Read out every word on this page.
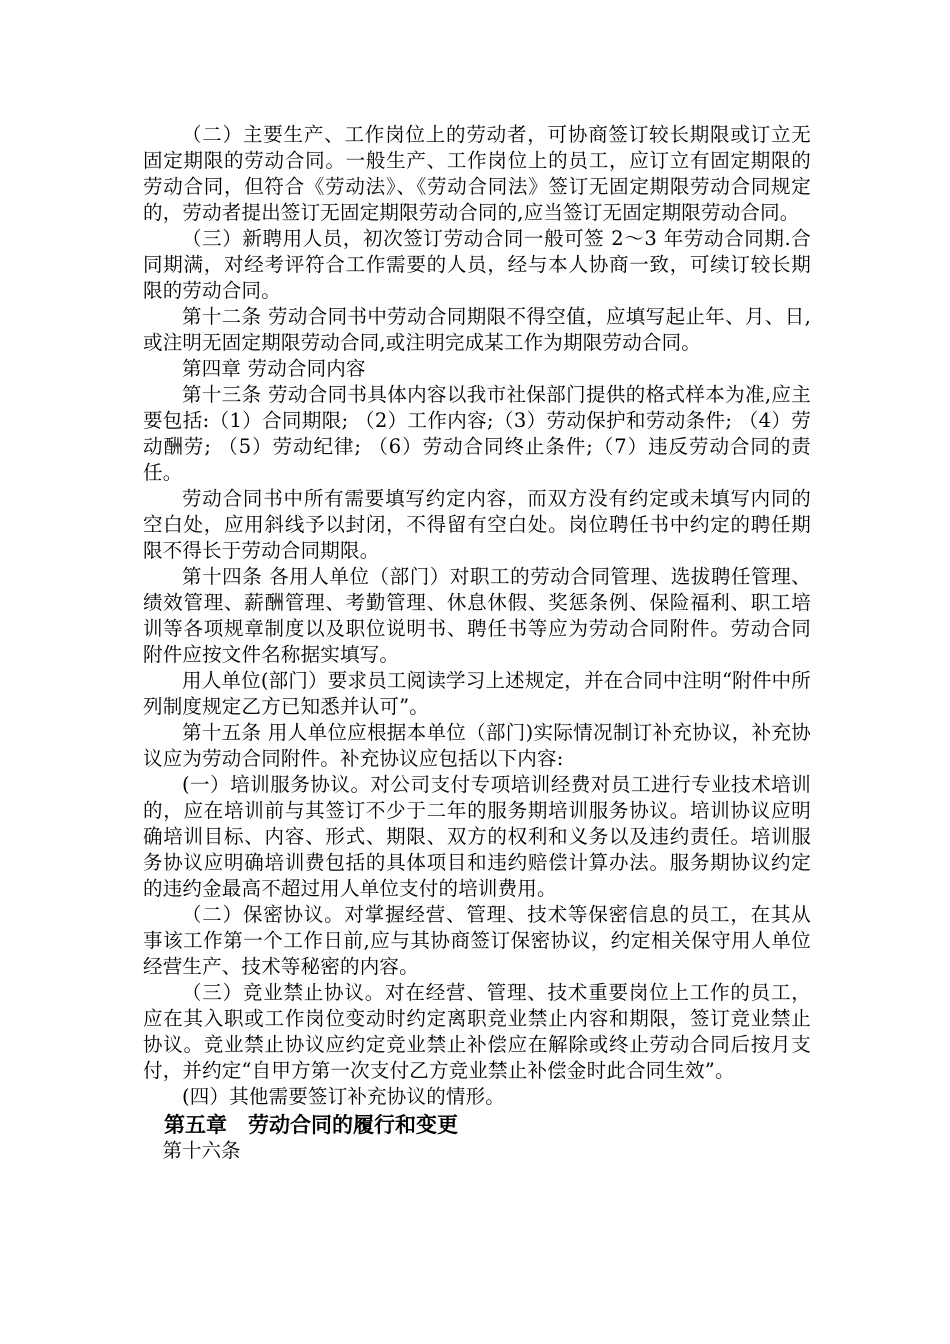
（二）主要生产、工作岗位上的劳动者，可协商签订较长期限或订立无固定期限的劳动合同。一般生产、工作岗位上的员工，应订立有固定期限的劳动合同，但符合《劳动法》、《劳动合同法》签订无固定期限劳动合同规定的，劳动者提出签订无固定期限劳动合同的,应当签订无固定期限劳动合同。

（三）新聘用人员，初次签订劳动合同一般可签 2～3 年劳动合同期.合同期满，对经考评符合工作需要的人员，经与本人协商一致，可续订较长期限的劳动合同。

第十二条 劳动合同书中劳动合同期限不得空值，应填写起止年、月、日,或注明无固定期限劳动合同,或注明完成某工作为期限劳动合同。

第四章 劳动合同内容

第十三条 劳动合同书具体内容以我市社保部门提供的格式样本为准,应主要包括:（1）合同期限; （2）工作内容;（3）劳动保护和劳动条件; （4）劳动酬劳; （5）劳动纪律; （6）劳动合同终止条件;（7）违反劳动合同的责任。

劳动合同书中所有需要填写约定内容，而双方没有约定或未填写内同的空白处，应用斜线予以封闭，不得留有空白处。岗位聘任书中约定的聘任期限不得长于劳动合同期限。

第十四条 各用人单位（部门）对职工的劳动合同管理、选拔聘任管理、绩效管理、薪酬管理、考勤管理、休息休假、奖惩条例、保险福利、职工培训等各项规章制度以及职位说明书、聘任书等应为劳动合同附件。劳动合同附件应按文件名称据实填写。

用人单位(部门）要求员工阅读学习上述规定，并在合同中注明“附件中所列制度规定乙方已知悉并认可”。

第十五条 用人单位应根据本单位（部门)实际情况制订补充协议，补充协议应为劳动合同附件。补充协议应包括以下内容:

(一）培训服务协议。对公司支付专项培训经费对员工进行专业技术培训的，应在培训前与其签订不少于二年的服务期培训服务协议。培训协议应明确培训目标、内容、形式、期限、双方的权利和义务以及违约责任。培训服务协议应明确培训费包括的具体项目和违约赔偿计算办法。服务期协议约定的违约金最高不超过用人单位支付的培训费用。

（二）保密协议。对掌握经营、管理、技术等保密信息的员工，在其从事该工作第一个工作日前,应与其协商签订保密协议，约定相关保守用人单位经营生产、技术等秘密的内容。

（三）竞业禁止协议。对在经营、管理、技术重要岗位上工作的员工，应在其入职或工作岗位变动时约定离职竞业禁止内容和期限，签订竞业禁止协议。竞业禁止协议应约定竞业禁止补偿应在解除或终止劳动合同后按月支付，并约定“自甲方第一次支付乙方竞业禁止补偿金时此合同生效”。

(四）其他需要签订补充协议的情形。

第五章　劳动合同的履行和变更

第十六条
